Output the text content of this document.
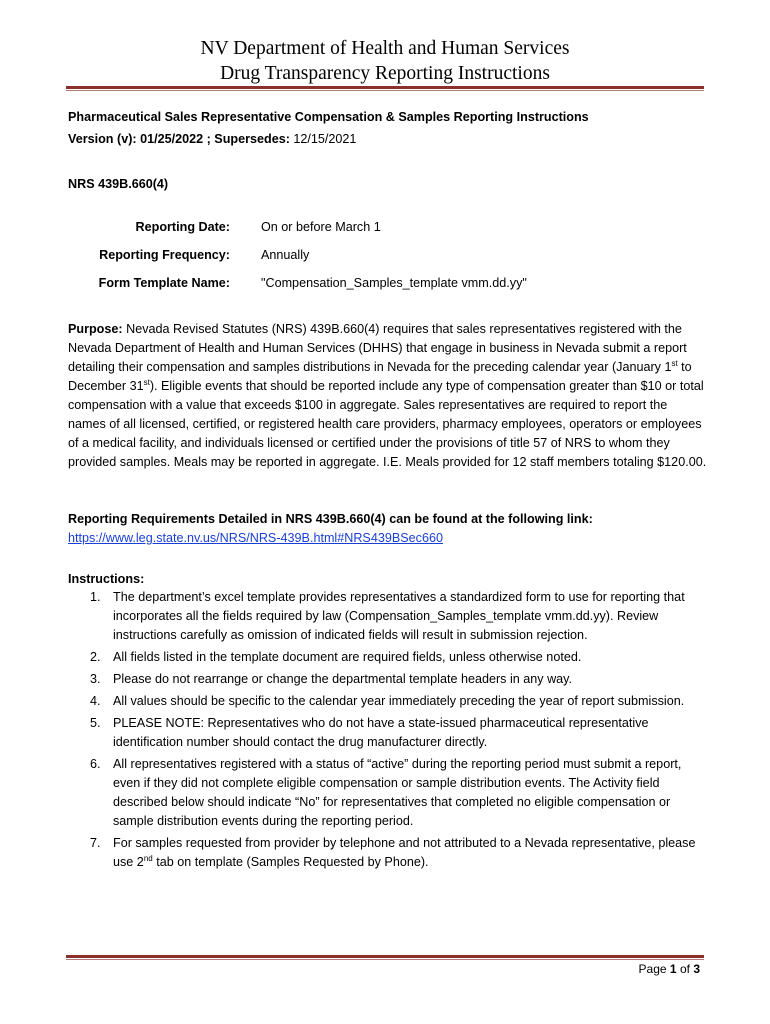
NV Department of Health and Human Services
Drug Transparency Reporting Instructions
Pharmaceutical Sales Representative Compensation & Samples Reporting Instructions
Version (v): 01/25/2022 ; Supersedes: 12/15/2021
NRS 439B.660(4)
Reporting Date: On or before March 1
Reporting Frequency: Annually
Form Template Name: "Compensation_Samples_template vmm.dd.yy"
Purpose: Nevada Revised Statutes (NRS) 439B.660(4) requires that sales representatives registered with the Nevada Department of Health and Human Services (DHHS) that engage in business in Nevada submit a report detailing their compensation and samples distributions in Nevada for the preceding calendar year (January 1st to December 31st). Eligible events that should be reported include any type of compensation greater than $10 or total compensation with a value that exceeds $100 in aggregate. Sales representatives are required to report the names of all licensed, certified, or registered health care providers, pharmacy employees, operators or employees of a medical facility, and individuals licensed or certified under the provisions of title 57 of NRS to whom they provided samples. Meals may be reported in aggregate. I.E. Meals provided for 12 staff members totaling $120.00.
Reporting Requirements Detailed in NRS 439B.660(4) can be found at the following link:
https://www.leg.state.nv.us/NRS/NRS-439B.html#NRS439BSec660
Instructions:
1. The department’s excel template provides representatives a standardized form to use for reporting that incorporates all the fields required by law (Compensation_Samples_template vmm.dd.yy). Review instructions carefully as omission of indicated fields will result in submission rejection.
2. All fields listed in the template document are required fields, unless otherwise noted.
3. Please do not rearrange or change the departmental template headers in any way.
4. All values should be specific to the calendar year immediately preceding the year of report submission.
5. PLEASE NOTE: Representatives who do not have a state-issued pharmaceutical representative identification number should contact the drug manufacturer directly.
6. All representatives registered with a status of “active” during the reporting period must submit a report, even if they did not complete eligible compensation or sample distribution events. The Activity field described below should indicate “No” for representatives that completed no eligible compensation or sample distribution events during the reporting period.
7. For samples requested from provider by telephone and not attributed to a Nevada representative, please use 2nd tab on template (Samples Requested by Phone).
Page 1 of 3
